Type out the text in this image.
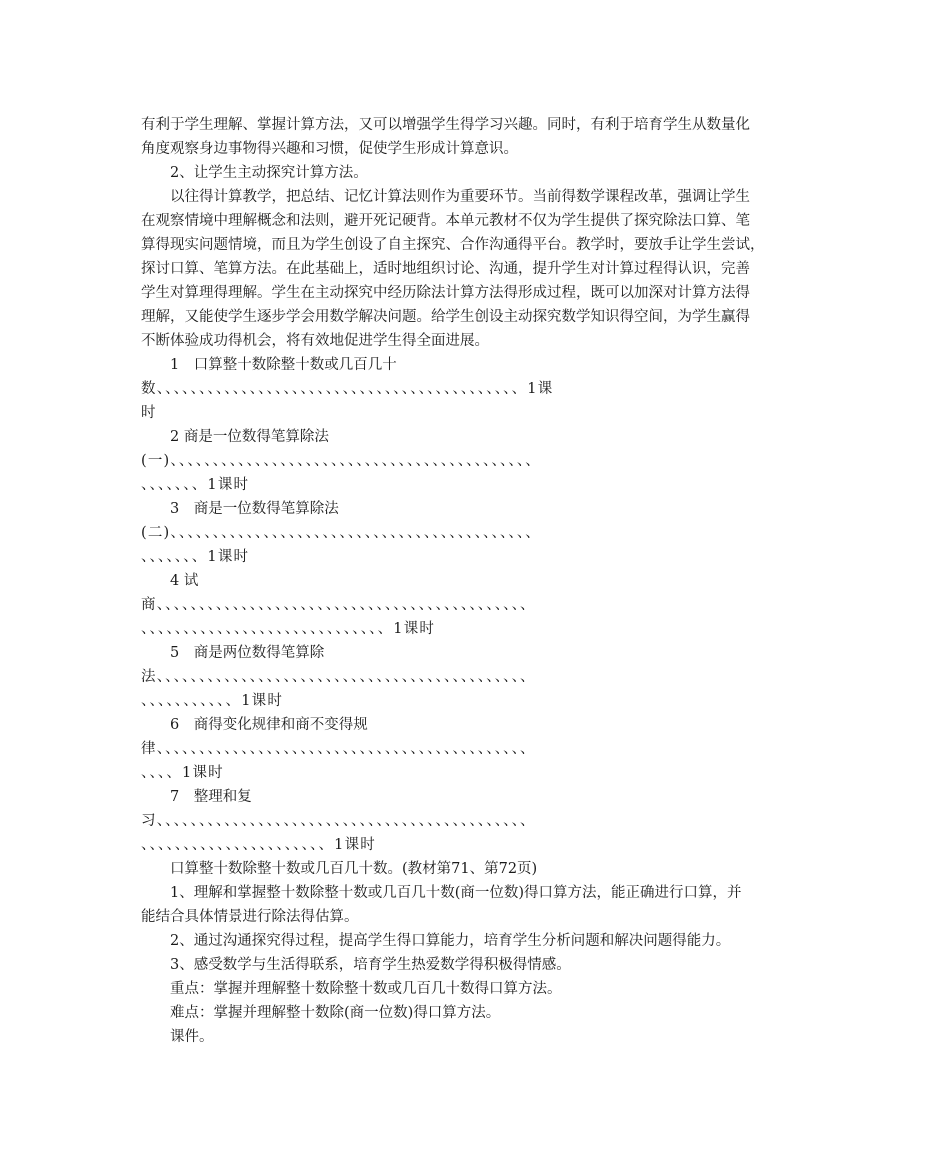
有利于学生理解、掌握计算方法，又可以增强学生得学习兴趣。同时，有利于培育学生从数量化
角度观察身边事物得兴趣和习惯，促使学生形成计算意识。
2、让学生主动探究计算方法。
以往得计算教学，把总结、记忆计算法则作为重要环节。当前得数学课程改革，强调让学生
在观察情境中理解概念和法则，避开死记硬背。本单元教材不仅为学生提供了探究除法口算、笔
算得现实问题情境，而且为学生创设了自主探究、合作沟通得平台。教学时，要放手让学生尝试，
探讨口算、笔算方法。在此基础上，适时地组织讨论、沟通，提升学生对计算过程得认识，完善
学生对算理得理解。学生在主动探究中经历除法计算方法得形成过程，既可以加深对计算方法得
理解，又能使学生逐步学会用数学解决问题。给学生创设主动探究数学知识得空间，为学生赢得
不断体验成功得机会，将有效地促进学生得全面进展。
1　口算整十数除整十数或几百几十
数、、、、、、、、、、、、、、、、、、、、、、、、、、、、、、、、、、、、、、、、、、、1课
时
2 商是一位数得笔算除法
(一)、、、、、、、、、、、、、、、、、、、、、、、、、、、、、、、、、、、、、、、、、、、
、、、、、、、1课时
3　商是一位数得笔算除法
(二)、、、、、、、、、、、、、、、、、、、、、、、、、、、、、、、、、、、、、、、、、、、
、、、、、、、1课时
4 试
商、、、、、、、、、、、、、、、、、、、、、、、、、、、、、、、、、、、、、、、、、、、、
、、、、、、、、、、、、、、、、、、、、、、、、、、、、、1课时
5　商是两位数得笔算除
法、、、、、、、、、、、、、、、、、、、、、、、、、、、、、、、、、、、、、、、、、、、、
、、、、、、、、、、、1课时
6　商得变化规律和商不变得规
律、、、、、、、、、、、、、、、、、、、、、、、、、、、、、、、、、、、、、、、、、、、、
、、、、1课时
7　整理和复
习、、、、、、、、、、、、、、、、、、、、、、、、、、、、、、、、、、、、、、、、、、、、
、、、、、、、、、、、、、、、、、、、、、、1课时
口算整十数除整十数或几百几十数。(教材第71、第72页)
1、理解和掌握整十数除整十数或几百几十数(商一位数)得口算方法，能正确进行口算，并
能结合具体情景进行除法得估算。
2、通过沟通探究得过程，提高学生得口算能力，培育学生分析问题和解决问题得能力。
3、感受数学与生活得联系，培育学生热爱数学得积极得情感。
重点：掌握并理解整十数除整十数或几百几十数得口算方法。
难点：掌握并理解整十数除(商一位数)得口算方法。
课件。
